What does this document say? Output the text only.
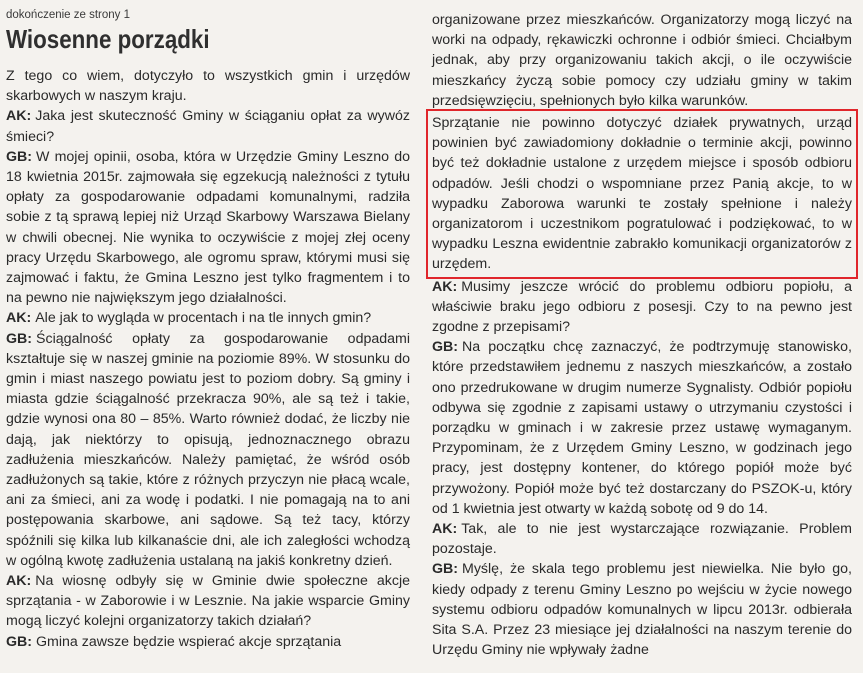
dokończenie ze strony 1
Wiosenne porządki

Z tego co wiem, dotyczyło to wszystkich gmin i urzędów skarbowych w naszym kraju.

AK: Jaka jest skuteczność Gminy w ściąganiu opłat za wywóz śmieci?

GB: W mojej opinii, osoba, która w Urzędzie Gminy Leszno do 18 kwietnia 2015r. zajmowała się egzekucją należności z tytułu opłaty za gospodarowanie odpadami komunalnymi, radziła sobie z tą sprawą lepiej niż Urząd Skarbowy Warszawa Bielany w chwili obecnej. Nie wynika to oczywiście z mojej złej oceny pracy Urzędu Skarbowego, ale ogromu spraw, którymi musi się zajmować i faktu, że Gmina Leszno jest tylko fragmentem i to na pewno nie największym jego działalności.

AK: Ale jak to wygląda w procentach i na tle innych gmin?

GB: Ściągalność opłaty za gospodarowanie odpadami kształtuje się w naszej gminie na poziomie 89%. W stosunku do gmin i miast naszego powiatu jest to poziom dobry. Są gminy i miasta gdzie ściągalność przekracza 90%, ale są też i takie, gdzie wynosi ona 80 – 85%. Warto również dodać, że liczby nie dają, jak niektórzy to opisują, jednoznacznego obrazu zadłużenia mieszkańców. Należy pamiętać, że wśród osób zadłużonych są takie, które z różnych przyczyn nie płacą wcale, ani za śmieci, ani za wodę i podatki. I nie pomagają na to ani postępowania skarbowe, ani sądowe. Są też tacy, którzy spóźnili się kilka lub kilkanaście dni, ale ich zaległości wchodzą w ogólną kwotę zadłużenia ustalaną na jakiś konkretny dzień.

AK: Na wiosnę odbyły się w Gminie dwie społeczne akcje sprzątania - w Zaborowie i w Lesznie. Na jakie wsparcie Gminy mogą liczyć kolejni organizatorzy takich działań?

GB: Gmina zawsze będzie wspierać akcje sprzątania

organizowane przez mieszkańców. Organizatorzy mogą liczyć na worki na odpady, rękawiczki ochronne i odbiór śmieci. Chciałbym jednak, aby przy organizowaniu takich akcji, o ile oczywiście mieszkańcy życzą sobie pomocy czy udziału gminy w takim przedsięwzięciu, spełnionych było kilka warunków.

Sprzątanie nie powinno dotyczyć działek prywatnych, urząd powinien być zawiadomiony dokładnie o terminie akcji, powinno być też dokładnie ustalone z urzędem miejsce i sposób odbioru odpadów. Jeśli chodzi o wspomniane przez Panią akcje, to w wypadku Zaborowa warunki te zostały spełnione i należy organizatorom i uczestnikom pogratulować i podziękować, to w wypadku Leszna ewidentnie zabrakło komunikacji organizatorów z urzędem.

AK: Musimy jeszcze wrócić do problemu odbioru popiołu, a właściwie braku jego odbioru z posesji. Czy to na pewno jest zgodne z przepisami?

GB: Na początku chcę zaznaczyć, że podtrzymuję stanowisko, które przedstawiłem jednemu z naszych mieszkańców, a zostało ono przedrukowane w drugim numerze Sygnalisty. Odbiór popiołu odbywa się zgodnie z zapisami ustawy o utrzymaniu czystości i porządku w gminach i w zakresie przez ustawę wymaganym. Przypominam, że z Urzędem Gminy Leszno, w godzinach jego pracy, jest dostępny kontener, do którego popiół może być przywożony. Popiół może być też dostarczany do PSZOK-u, który od 1 kwietnia jest otwarty w każdą sobotę od 9 do 14.

AK: Tak, ale to nie jest wystarczające rozwiązanie. Problem pozostaje.

GB: Myślę, że skala tego problemu jest niewielka. Nie było go, kiedy odpady z terenu Gminy Leszno po wejściu w życie nowego systemu odbioru odpadów komunalnych w lipcu 2013r. odbierała Sita S.A. Przez 23 miesiące jej działalności na naszym terenie do Urzędu Gminy nie wpływały żadne
